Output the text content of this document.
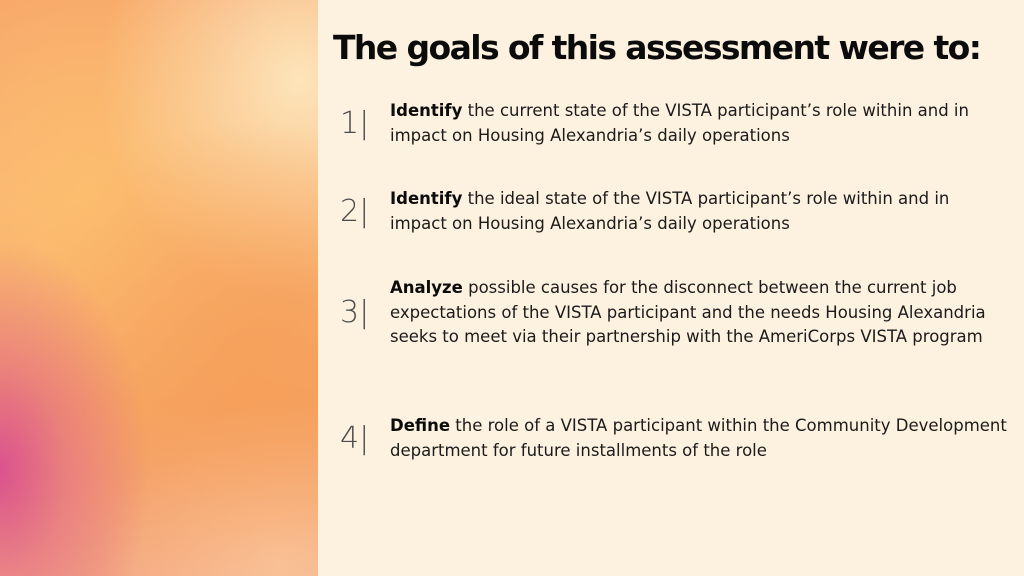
The goals of this assessment were to:
1|	Identify the current state of the VISTA participant’s role within and in impact on Housing Alexandria’s daily operations

2|	Identify the ideal state of the VISTA participant’s role within and in impact on Housing Alexandria’s daily operations

3|

Analyze possible causes for the disconnect between the current job expectations of the VISTA participant and the needs Housing Alexandria seeks to meet via their partnership with the AmeriCorps VISTA program

4|	Define the role of a VISTA participant within the Community Development department for future installments of the role
